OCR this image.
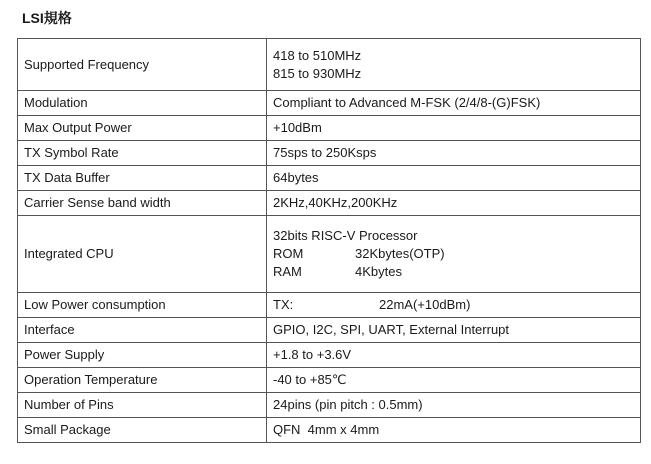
LSI規格
Supported Frequency	418 to 510MHz
815 to 930MHz

Modulation	Compliant to Advanced M-FSK (2/4/8-(G)FSK)
Max Output Power	+10dBm
TX Symbol Rate	75sps to 250Ksps
TX Data Buffer	64bytes
Carrier Sense band width	2KHz,40KHz,200KHz
Integrated CPU	32bits RISC-V Processor
ROM 32Kbytes(OTP)
RAM 4Kbytes

Low Power consumption	TX: 22mA(+10dBm)

Interface	GPIO, I2C, SPI, UART, External Interrupt
Power Supply	+1.8 to +3.6V
Operation Temperature	-40 to +85℃
Number of Pins	24pins (pin pitch : 0.5mm)
Small Package	QFN  4mm x 4mm
